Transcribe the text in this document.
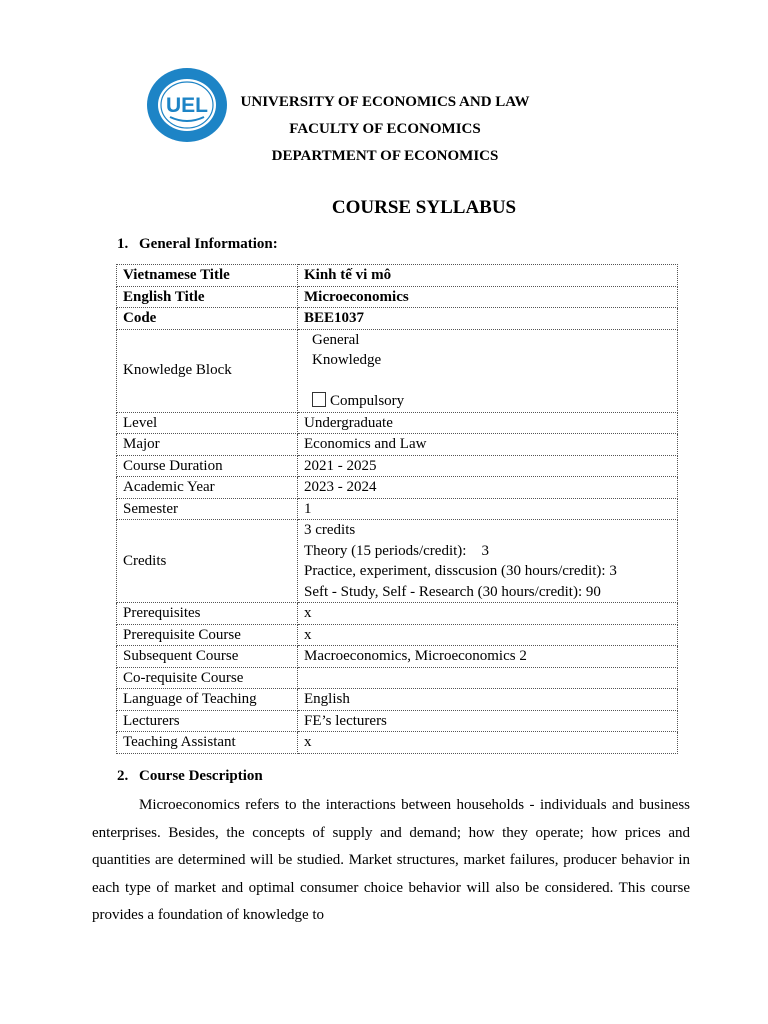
UEL	UNIVERSITY OF ECONOMICS AND LAW
FACULTY OF ECONOMICS
DEPARTMENT OF ECONOMICS
COURSE SYLLABUS
1. General Information:
Vietnamese Title	Kinh tế vi mô
English Title	Microeconomics
Code	BEE1037
Knowledge Block	General
Knowledge

Compulsory

Level	Undergraduate
Major	Economics and Law
Course Duration	2021 - 2025
Academic Year	2023 - 2024
Semester	1
Credits	3 credits
Theory (15 periods/credit):    3
Practice, experiment, disscusion (30 hours/credit): 3
Seft - Study, Self - Research (30 hours/credit): 90

Prerequisites	x
Prerequisite Course	x
Subsequent Course	Macroeconomics, Microeconomics 2
Co-requisite Course	
Language of Teaching	English
Lecturers	FE’s lecturers
Teaching Assistant	x
2. Course Description
Microeconomics refers to the interactions between households - individuals and business enterprises. Besides, the concepts of supply and demand; how they operate; how prices and quantities are determined will be studied. Market structures, market failures, producer behavior in each type of market and optimal consumer choice behavior will also be considered. This course provides a foundation of knowledge to
